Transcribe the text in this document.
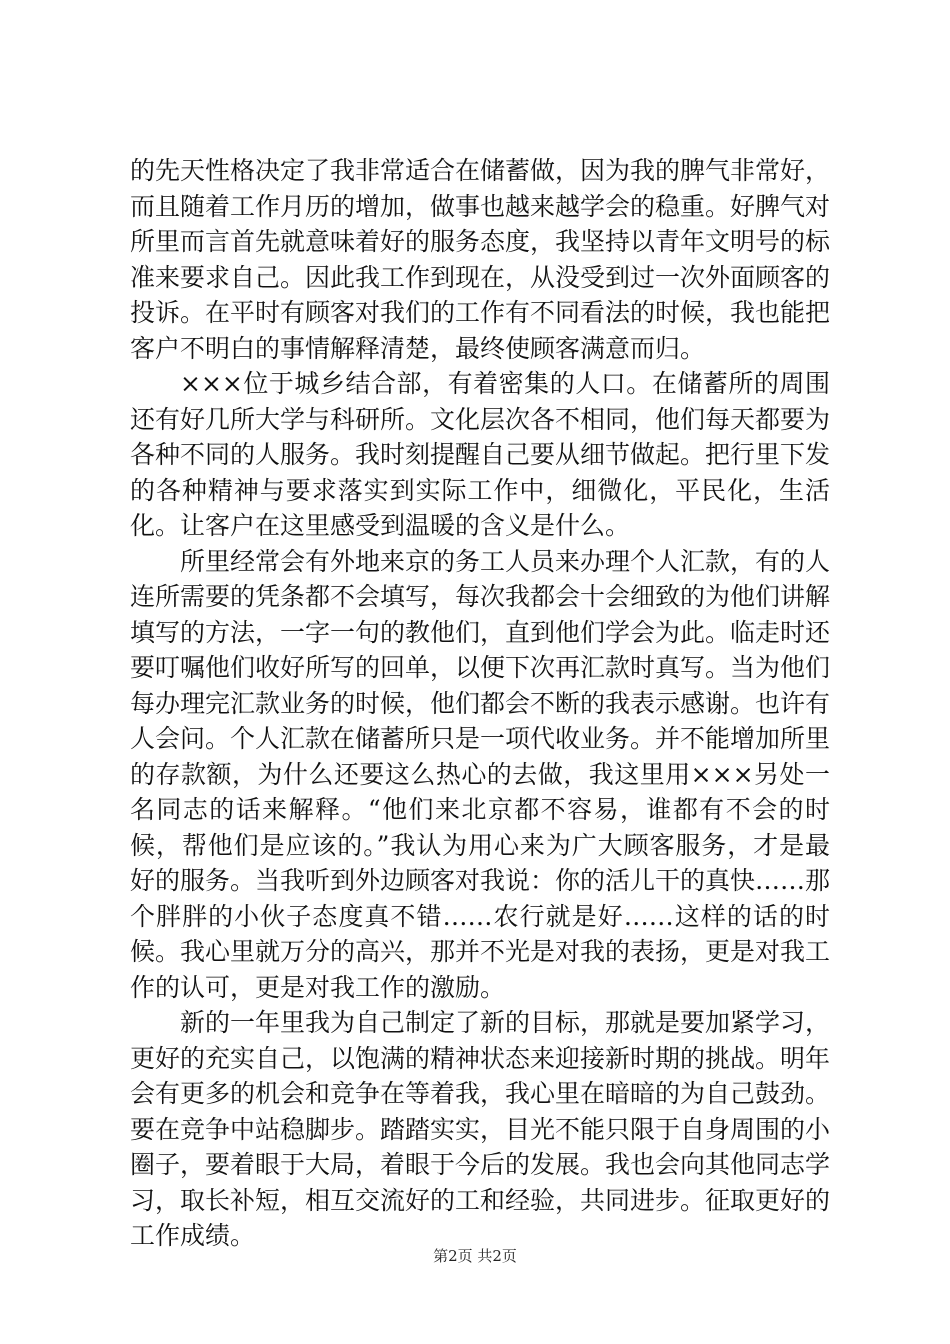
的先天性格决定了我非常适合在储蓄做，因为我的脾气非常好，而且随着工作月历的增加，做事也越来越学会的稳重。好脾气对所里而言首先就意味着好的服务态度，我坚持以青年文明号的标准来要求自己。因此我工作到现在，从没受到过一次外面顾客的投诉。在平时有顾客对我们的工作有不同看法的时候，我也能把客户不明白的事情解释清楚，最终使顾客满意而归。

×××位于城乡结合部，有着密集的人口。在储蓄所的周围还有好几所大学与科研所。文化层次各不相同，他们每天都要为各种不同的人服务。我时刻提醒自己要从细节做起。把行里下发的各种精神与要求落实到实际工作中，细微化，平民化，生活化。让客户在这里感受到温暖的含义是什么。

所里经常会有外地来京的务工人员来办理个人汇款，有的人连所需要的凭条都不会填写，每次我都会十会细致的为他们讲解填写的方法，一字一句的教他们，直到他们学会为此。临走时还要叮嘱他们收好所写的回单，以便下次再汇款时真写。当为他们每办理完汇款业务的时候，他们都会不断的我表示感谢。也许有人会问。个人汇款在储蓄所只是一项代收业务。并不能增加所里的存款额，为什么还要这么热心的去做，我这里用×××另处一名同志的话来解释。“他们来北京都不容易，谁都有不会的时候，帮他们是应该的。”我认为用心来为广大顾客服务，才是最好的服务。当我听到外边顾客对我说：你的活儿干的真快……那个胖胖的小伙子态度真不错……农行就是好……这样的话的时候。我心里就万分的高兴，那并不光是对我的表扬，更是对我工作的认可，更是对我工作的激励。

新的一年里我为自己制定了新的目标，那就是要加紧学习，更好的充实自己，以饱满的精神状态来迎接新时期的挑战。明年会有更多的机会和竞争在等着我，我心里在暗暗的为自己鼓劲。要在竞争中站稳脚步。踏踏实实，目光不能只限于自身周围的小圈子，要着眼于大局，着眼于今后的发展。我也会向其他同志学习，取长补短，相互交流好的工和经验，共同进步。征取更好的工作成绩。

第2页 共2页
